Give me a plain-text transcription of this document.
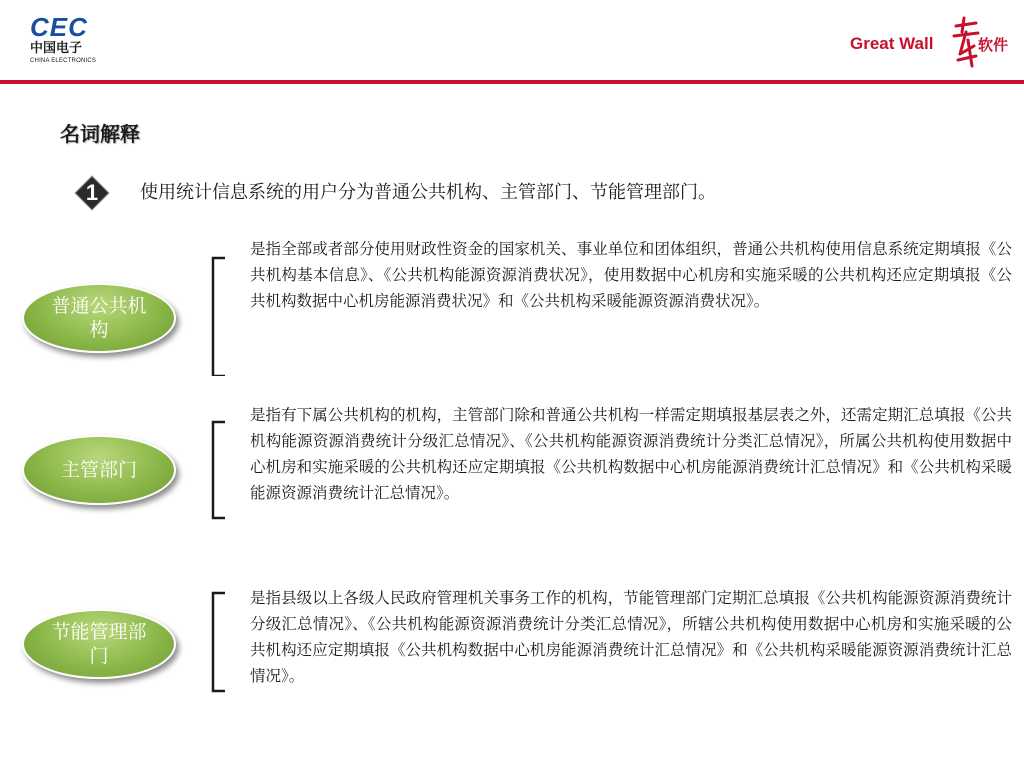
CEC
中国电子
CHINA ELECTRONICS
Great Wall	软件
名词解释
1	使用统计信息系统的用户分为普通公共机构、主管部门、节能管理部门。
普通公共机构
是指全部或者部分使用财政性资金的国家机关、事业单位和团体组织，普通公共机构使用信息系统定期填报《公共机构基本信息》、《公共机构能源资源消费状况》，使用数据中心机房和实施采暖的公共机构还应定期填报《公共机构数据中心机房能源消费状况》和《公共机构采暖能源资源消费状况》。
主管部门
是指有下属公共机构的机构，主管部门除和普通公共机构一样需定期填报基层表之外，还需定期汇总填报《公共机构能源资源消费统计分级汇总情况》、《公共机构能源资源消费统计分类汇总情况》，所属公共机构使用数据中心机房和实施采暖的公共机构还应定期填报《公共机构数据中心机房能源消费统计汇总情况》和《公共机构采暖能源资源消费统计汇总情况》。
节能管理部门
是指县级以上各级人民政府管理机关事务工作的机构，节能管理部门定期汇总填报《公共机构能源资源消费统计分级汇总情况》、《公共机构能源资源消费统计分类汇总情况》，所辖公共机构使用数据中心机房和实施采暖的公共机构还应定期填报《公共机构数据中心机房能源消费统计汇总情况》和《公共机构采暖能源资源消费统计汇总情况》。
